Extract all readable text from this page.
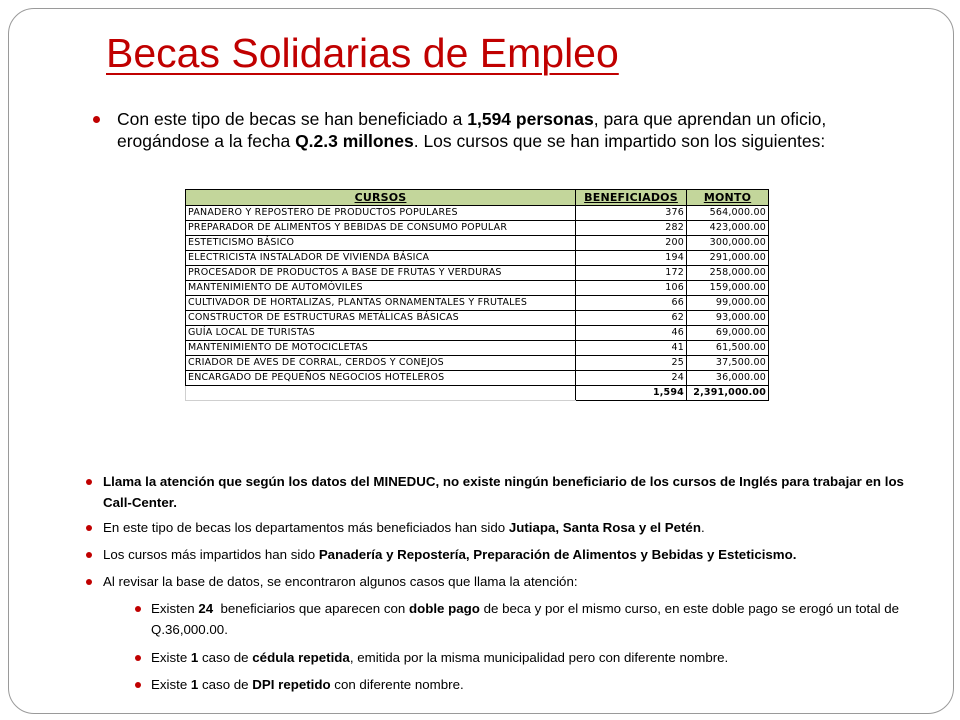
Becas Solidarias de Empleo
Con este tipo de becas se han beneficiado a 1,594 personas, para que aprendan un oficio, erogándose a la fecha Q.2.3 millones. Los cursos que se han impartido son los siguientes:
CURSOS	BENEFICIADOS	MONTO
PANADERO Y REPOSTERO DE PRODUCTOS POPULARES	376	564,000.00
PREPARADOR DE ALIMENTOS Y BEBIDAS DE CONSUMO POPULAR	282	423,000.00
ESTETICISMO BÁSICO	200	300,000.00
ELECTRICISTA INSTALADOR DE VIVIENDA BÁSICA	194	291,000.00
PROCESADOR DE PRODUCTOS A BASE DE FRUTAS Y VERDURAS	172	258,000.00
MANTENIMIENTO DE AUTOMÓVILES	106	159,000.00
CULTIVADOR DE HORTALIZAS, PLANTAS ORNAMENTALES Y FRUTALES	66	99,000.00
CONSTRUCTOR DE ESTRUCTURAS METÁLICAS BÁSICAS	62	93,000.00
GUÍA LOCAL DE TURISTAS	46	69,000.00
MANTENIMIENTO DE MOTOCICLETAS	41	61,500.00
CRIADOR DE AVES DE CORRAL, CERDOS Y CONEJOS	25	37,500.00
ENCARGADO DE PEQUEÑOS NEGOCIOS HOTELEROS	24	36,000.00
	1,594	2,391,000.00
Llama la atención que según los datos del MINEDUC, no existe ningún beneficiario de los cursos de Inglés para trabajar en los Call-Center.
En este tipo de becas los departamentos más beneficiados han sido Jutiapa, Santa Rosa y el Petén.
Los cursos más impartidos han sido Panadería y Repostería, Preparación de Alimentos y Bebidas y Esteticismo.
Al revisar la base de datos, se encontraron algunos casos que llama la atención:
Existen 24  beneficiarios que aparecen con doble pago de beca y por el mismo curso, en este doble pago se erogó un total de Q.36,000.00.
Existe 1 caso de cédula repetida, emitida por la misma municipalidad pero con diferente nombre.
Existe 1 caso de DPI repetido con diferente nombre.
